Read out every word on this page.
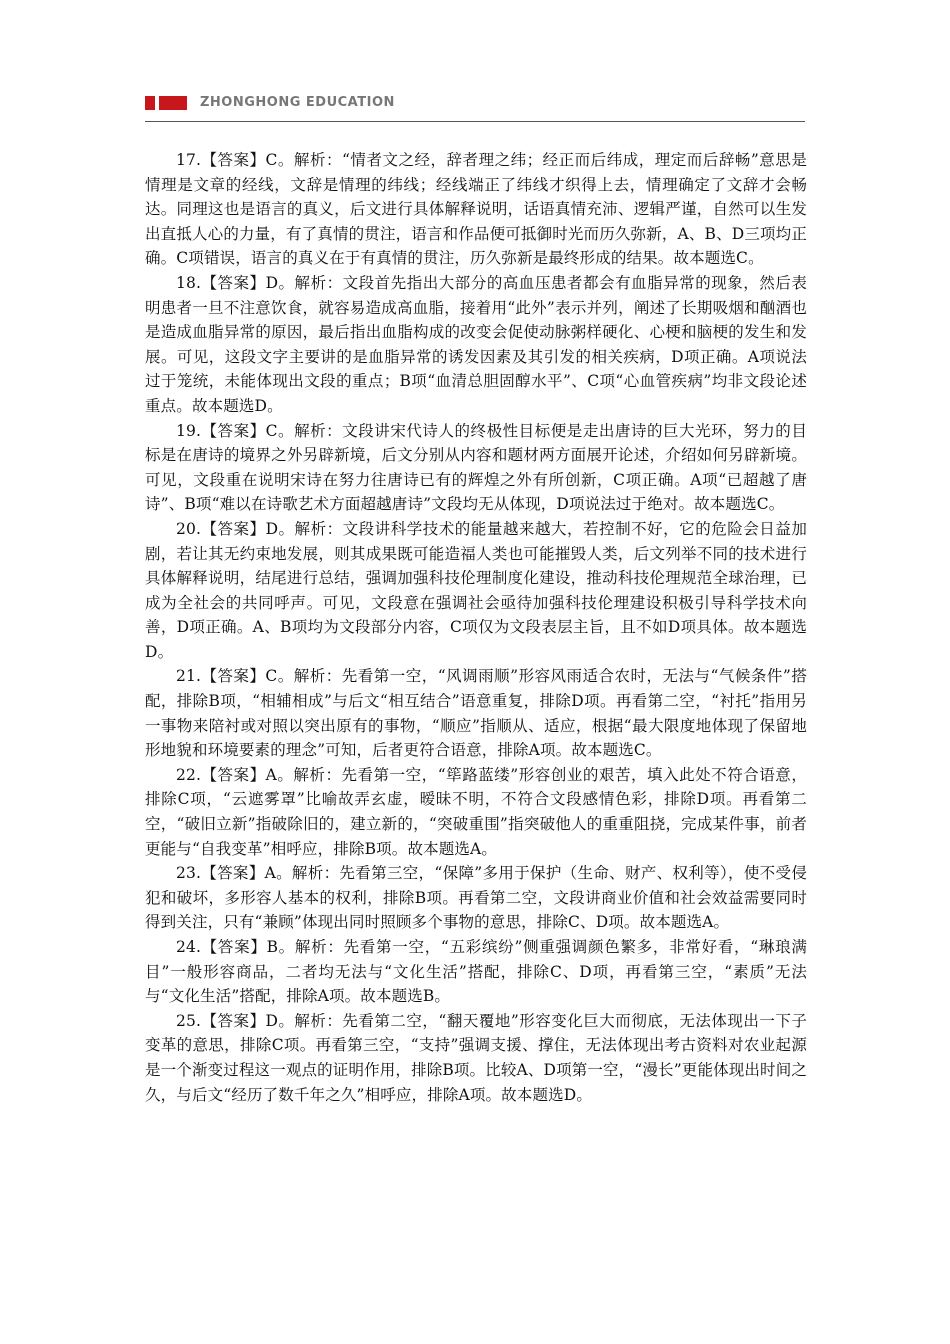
ZHONGHONG EDUCATION

17.【答案】C。解析：“情者文之经，辞者理之纬；经正而后纬成，理定而后辞畅”意思是情理是文章的经线，文辞是情理的纬线；经线端正了纬线才织得上去，情理确定了文辞才会畅达。同理这也是语言的真义，后文进行具体解释说明，话语真情充沛、逻辑严谨，自然可以生发出直抵人心的力量，有了真情的贯注，语言和作品便可抵御时光而历久弥新，A、B、D三项均正确。C项错误，语言的真义在于有真情的贯注，历久弥新是最终形成的结果。故本题选C。

18.【答案】D。解析：文段首先指出大部分的高血压患者都会有血脂异常的现象，然后表明患者一旦不注意饮食，就容易造成高血脂，接着用“此外”表示并列，阐述了长期吸烟和酗酒也是造成血脂异常的原因，最后指出血脂构成的改变会促使动脉粥样硬化、心梗和脑梗的发生和发展。可见，这段文字主要讲的是血脂异常的诱发因素及其引发的相关疾病，D项正确。A项说法过于笼统，未能体现出文段的重点；B项“血清总胆固醇水平”、C项“心血管疾病”均非文段论述重点。故本题选D。

19.【答案】C。解析：文段讲宋代诗人的终极性目标便是走出唐诗的巨大光环，努力的目标是在唐诗的境界之外另辟新境，后文分别从内容和题材两方面展开论述，介绍如何另辟新境。可见，文段重在说明宋诗在努力往唐诗已有的辉煌之外有所创新，C项正确。A项“已超越了唐诗”、B项“难以在诗歌艺术方面超越唐诗”文段均无从体现，D项说法过于绝对。故本题选C。

20.【答案】D。解析：文段讲科学技术的能量越来越大，若控制不好，它的危险会日益加剧，若让其无约束地发展，则其成果既可能造福人类也可能摧毁人类，后文列举不同的技术进行具体解释说明，结尾进行总结，强调加强科技伦理制度化建设，推动科技伦理规范全球治理，已成为全社会的共同呼声。可见，文段意在强调社会亟待加强科技伦理建设积极引导科学技术向善，D项正确。A、B项均为文段部分内容，C项仅为文段表层主旨，且不如D项具体。故本题选D。

21.【答案】C。解析：先看第一空，“风调雨顺”形容风雨适合农时，无法与“气候条件”搭配，排除B项，“相辅相成”与后文“相互结合”语意重复，排除D项。再看第二空，“衬托”指用另一事物来陪衬或对照以突出原有的事物，“顺应”指顺从、适应，根据“最大限度地体现了保留地形地貌和环境要素的理念”可知，后者更符合语意，排除A项。故本题选C。

22.【答案】A。解析：先看第一空，“筚路蓝缕”形容创业的艰苦，填入此处不符合语意，排除C项，“云遮雾罩”比喻故弄玄虚，暧昧不明，不符合文段感情色彩，排除D项。再看第二空，“破旧立新”指破除旧的，建立新的，“突破重围”指突破他人的重重阻挠，完成某件事，前者更能与“自我变革”相呼应，排除B项。故本题选A。

23.【答案】A。解析：先看第三空，“保障”多用于保护（生命、财产、权利等），使不受侵犯和破坏，多形容人基本的权利，排除B项。再看第二空，文段讲商业价值和社会效益需要同时得到关注，只有“兼顾”体现出同时照顾多个事物的意思，排除C、D项。故本题选A。

24.【答案】B。解析：先看第一空，“五彩缤纷”侧重强调颜色繁多，非常好看，“琳琅满目”一般形容商品，二者均无法与“文化生活”搭配，排除C、D项，再看第三空，“素质”无法与“文化生活”搭配，排除A项。故本题选B。

25.【答案】D。解析：先看第二空，“翻天覆地”形容变化巨大而彻底，无法体现出一下子变革的意思，排除C项。再看第三空，“支持”强调支援、撑住，无法体现出考古资料对农业起源是一个渐变过程这一观点的证明作用，排除B项。比较A、D项第一空，“漫长”更能体现出时间之久，与后文“经历了数千年之久”相呼应，排除A项。故本题选D。
